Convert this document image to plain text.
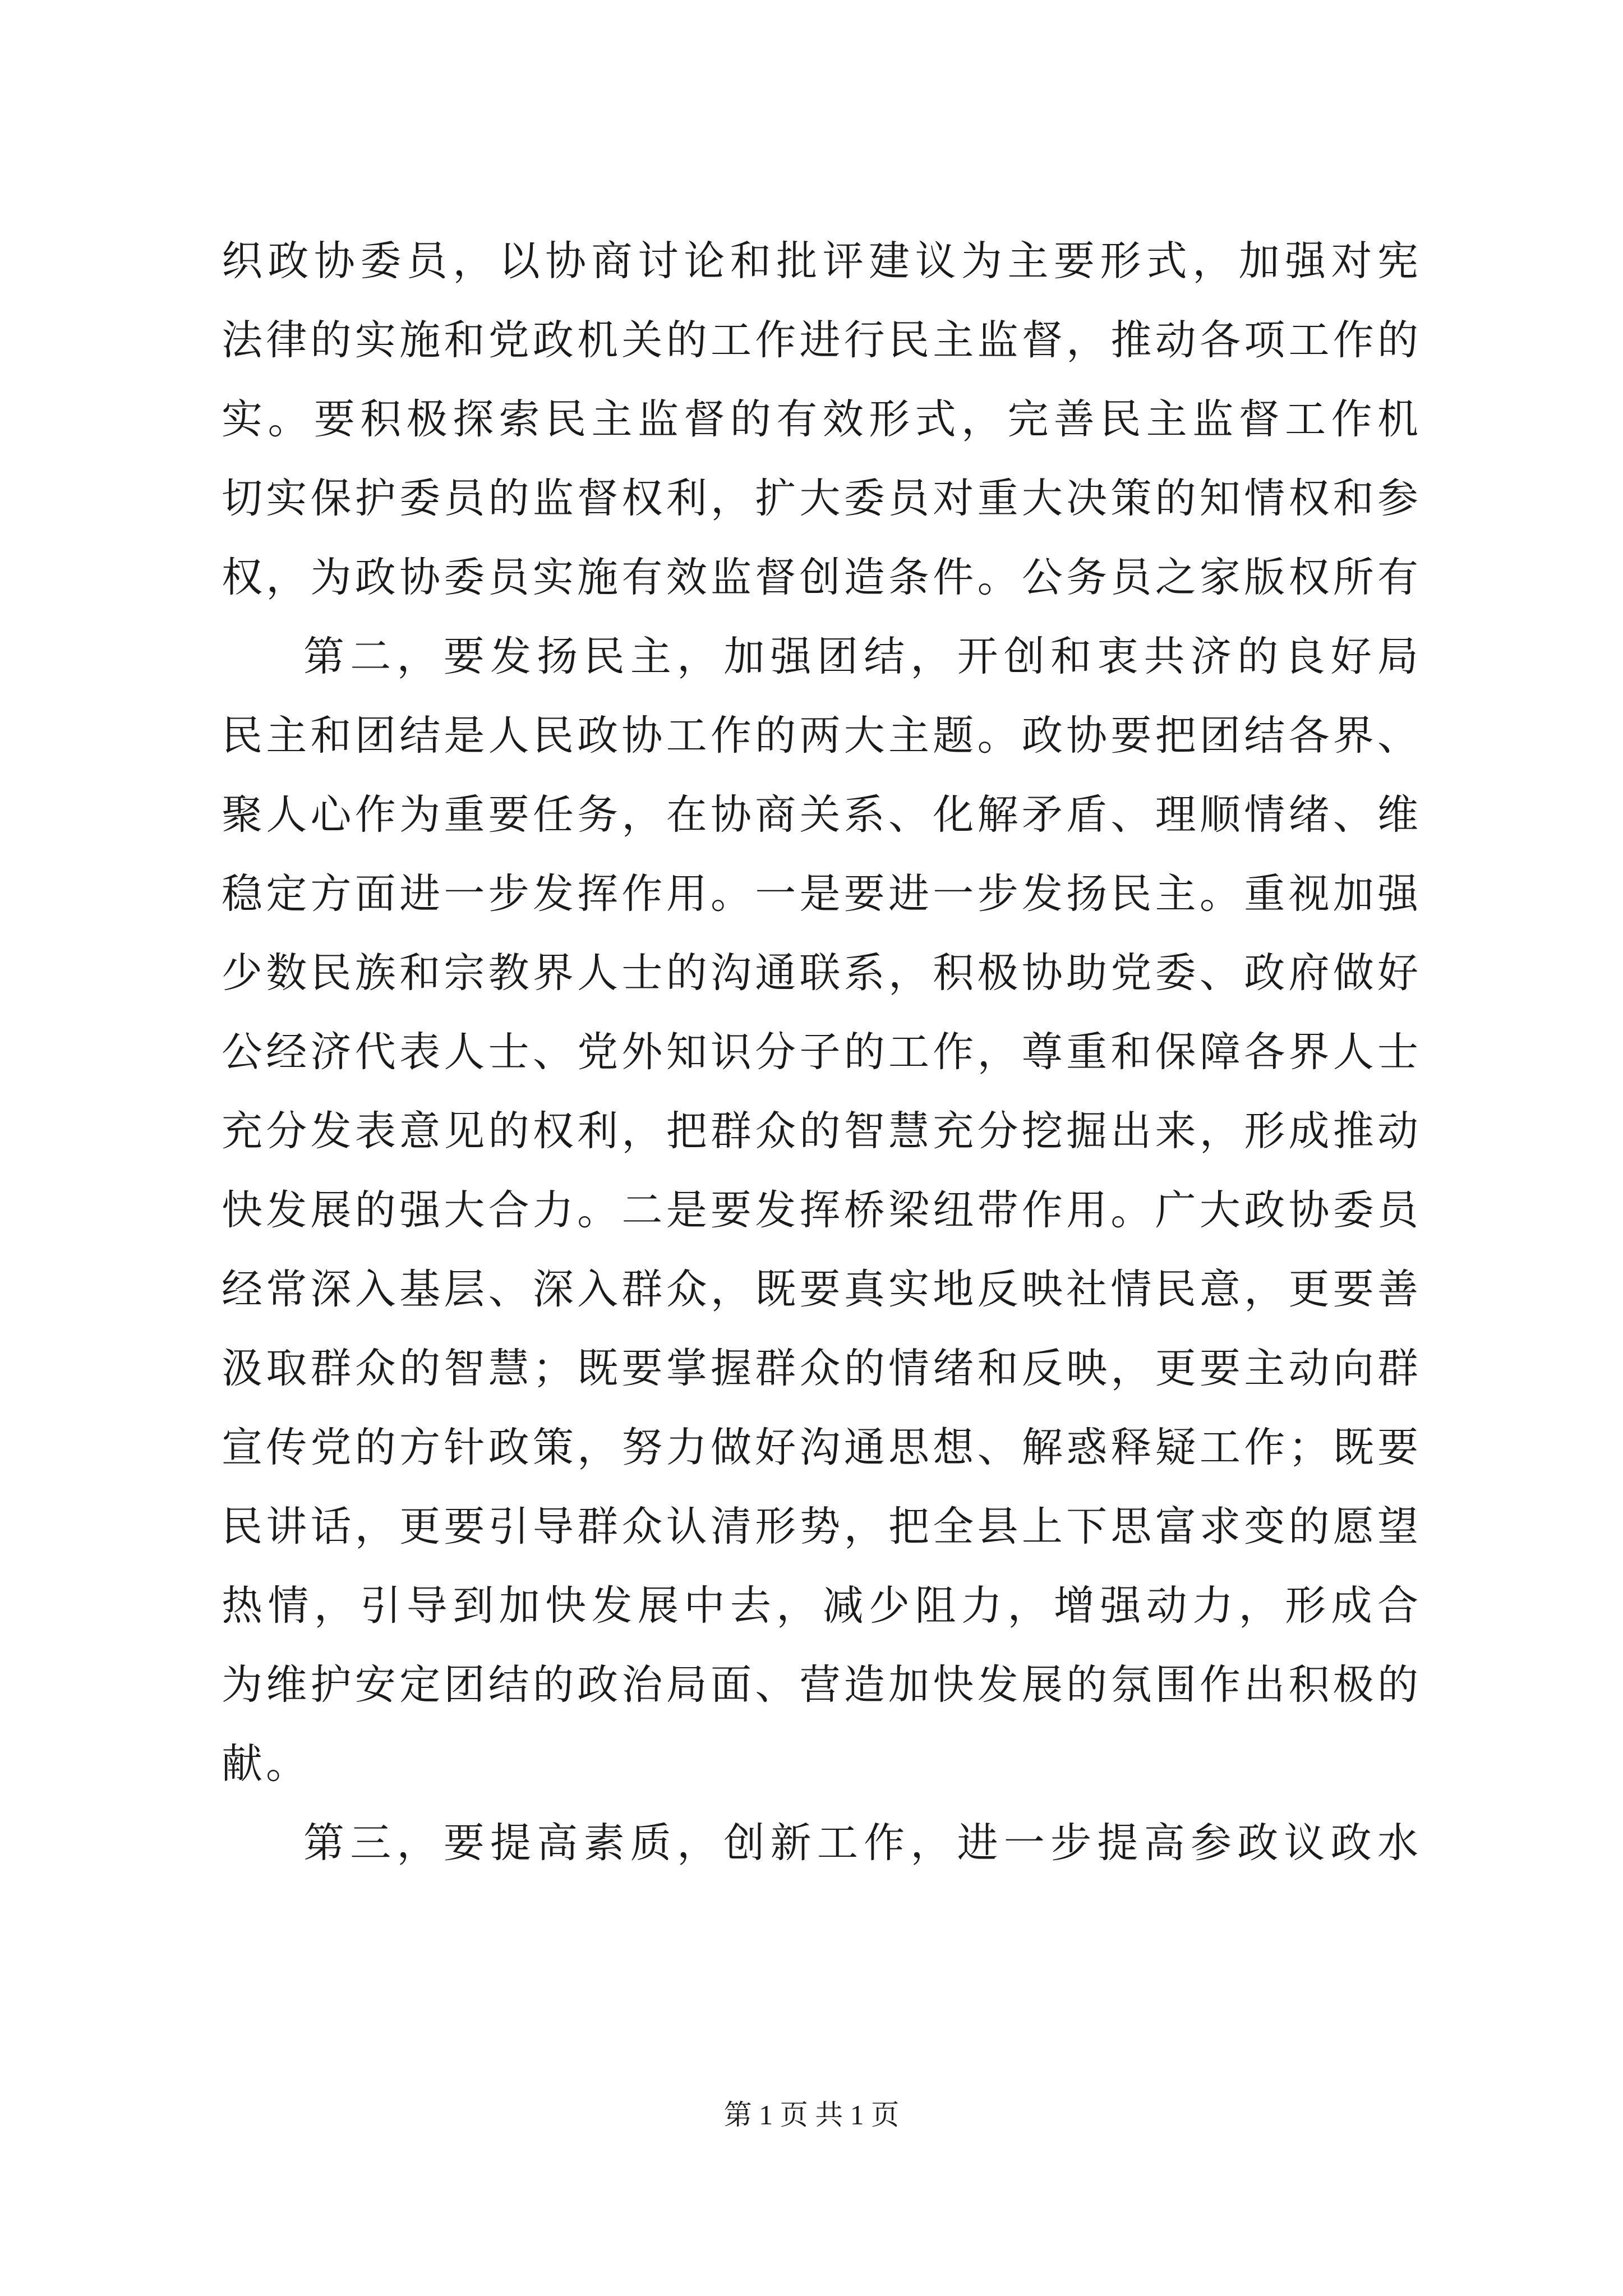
织政协委员，以协商讨论和批评建议为主要形式，加强对宪
法律的实施和党政机关的工作进行民主监督，推动各项工作的
实。要积极探索民主监督的有效形式，完善民主监督工作机
切实保护委员的监督权利，扩大委员对重大决策的知情权和参
权，为政协委员实施有效监督创造条件。公务员之家版权所有
第二，要发扬民主，加强团结，开创和衷共济的良好局
民主和团结是人民政协工作的两大主题。政协要把团结各界、
聚人心作为重要任务，在协商关系、化解矛盾、理顺情绪、维
稳定方面进一步发挥作用。一是要进一步发扬民主。重视加强
少数民族和宗教界人士的沟通联系，积极协助党委、政府做好
公经济代表人士、党外知识分子的工作，尊重和保障各界人士
充分发表意见的权利，把群众的智慧充分挖掘出来，形成推动
快发展的强大合力。二是要发挥桥梁纽带作用。广大政协委员
经常深入基层、深入群众，既要真实地反映社情民意，更要善
汲取群众的智慧；既要掌握群众的情绪和反映，更要主动向群
宣传党的方针政策，努力做好沟通思想、解惑释疑工作；既要
民讲话，更要引导群众认清形势，把全县上下思富求变的愿望
热情，引导到加快发展中去，减少阻力，增强动力，形成合
为维护安定团结的政治局面、营造加快发展的氛围作出积极的
献。
第三，要提高素质，创新工作，进一步提高参政议政水
第 1 页 共 1 页
